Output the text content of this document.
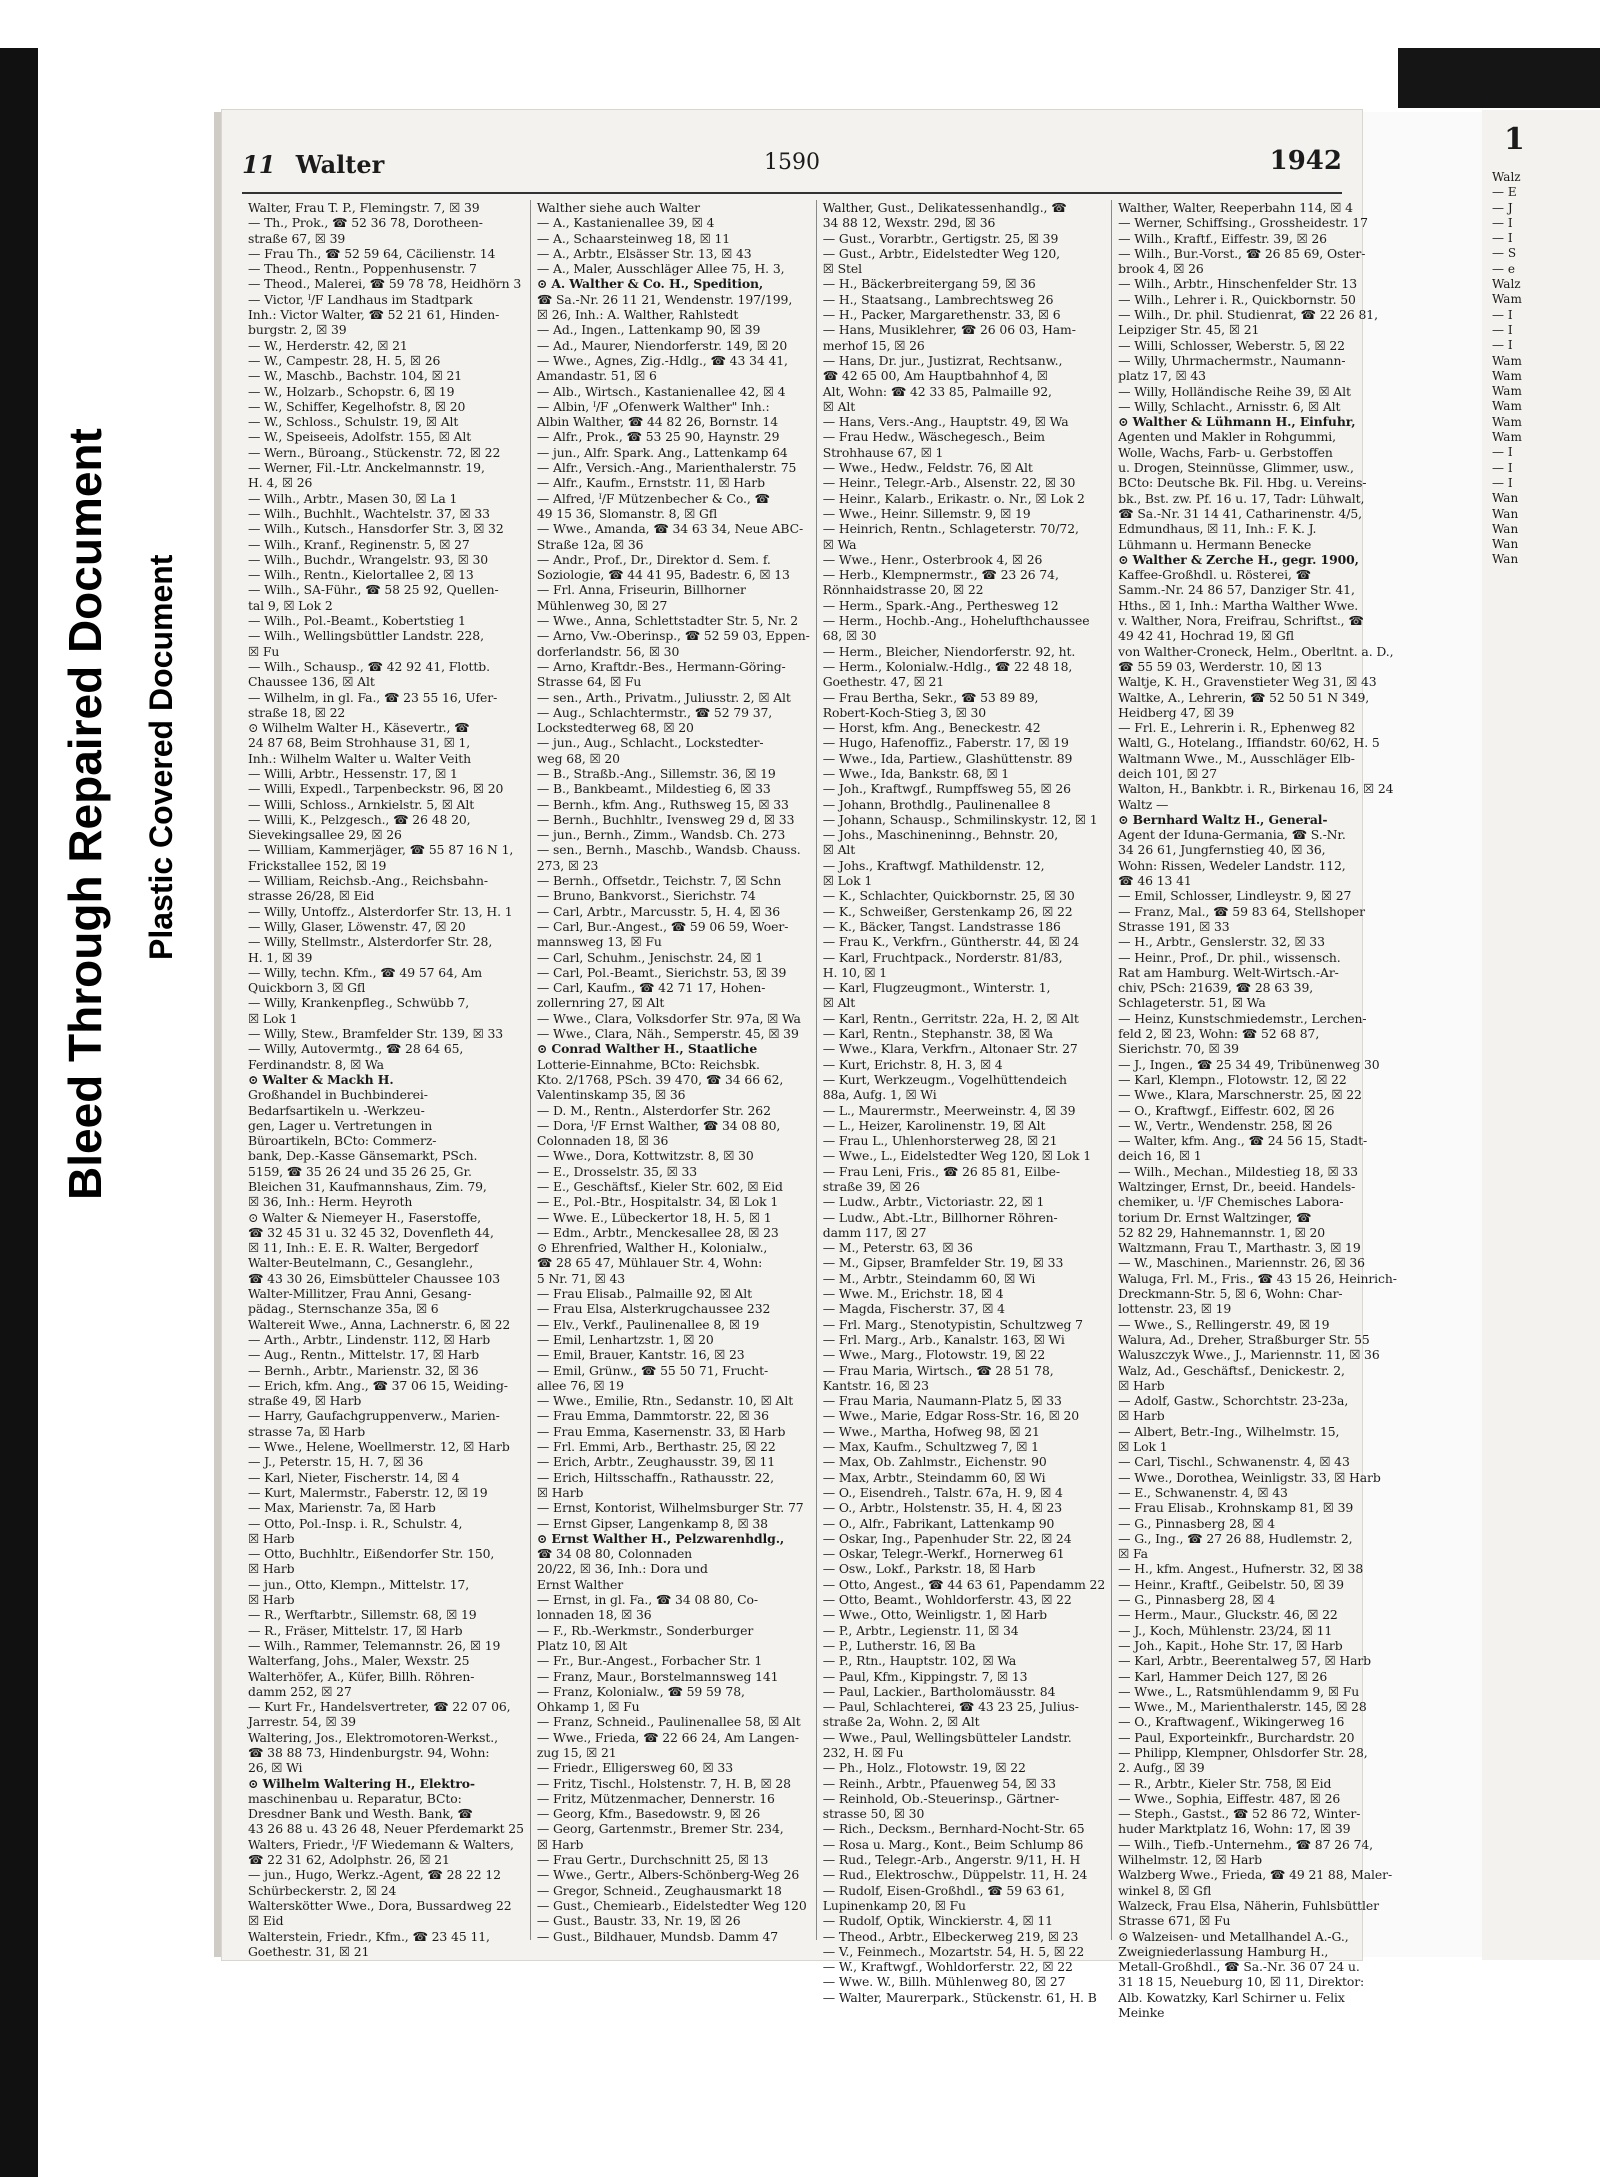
Bleed Through Repaired Document Plastic Covered Document
11 Walter	1590	1942
Walter, Frau T. P., Flemingstr. 7, ☒ 39
— Th., Prok., ☎ 52 36 78, Dorotheen-
straße 67, ☒ 39
— Frau Th., ☎ 52 59 64, Cäcilienstr. 14
— Theod., Rentn., Poppenhusenstr. 7
— Theod., Malerei, ☎ 59 78 78, Heidhörn 3
— Victor, ᴵ/F Landhaus im Stadtpark
Inh.: Victor Walter, ☎ 52 21 61, Hinden-
burgstr. 2, ☒ 39
— W., Herderstr. 42, ☒ 21
— W., Campestr. 28, H. 5, ☒ 26
— W., Maschb., Bachstr. 104, ☒ 21
— W., Holzarb., Schopstr. 6, ☒ 19
— W., Schiffer, Kegelhofstr. 8, ☒ 20
— W., Schloss., Schulstr. 19, ☒ Alt
— W., Speiseeis, Adolfstr. 155, ☒ Alt
— Wern., Büroang., Stückenstr. 72, ☒ 22
— Werner, Fil.-Ltr. Anckelmannstr. 19,
H. 4, ☒ 26
— Wilh., Arbtr., Masen 30, ☒ La 1
— Wilh., Buchhlt., Wachtelstr. 37, ☒ 33
— Wilh., Kutsch., Hansdorfer Str. 3, ☒ 32
— Wilh., Kranf., Reginenstr. 5, ☒ 27
— Wilh., Buchdr., Wrangelstr. 93, ☒ 30
— Wilh., Rentn., Kielortallee 2, ☒ 13
— Wilh., SA-Führ., ☎ 58 25 92, Quellen-
tal 9, ☒ Lok 2
— Wilh., Pol.-Beamt., Kobertstieg 1
— Wilh., Wellingsbüttler Landstr. 228,
☒ Fu
— Wilh., Schausp., ☎ 42 92 41, Flottb.
Chaussee 136, ☒ Alt
— Wilhelm, in gl. Fa., ☎ 23 55 16, Ufer-
straße 18, ☒ 22
⊙ Wilhelm Walter H., Käsevertr., ☎
24 87 68, Beim Strohhause 31, ☒ 1,
Inh.: Wilhelm Walter u. Walter Veith
— Willi, Arbtr., Hessenstr. 17, ☒ 1
— Willi, Expedl., Tarpenbeckstr. 96, ☒ 20
— Willi, Schloss., Arnkielstr. 5, ☒ Alt
— Willi, K., Pelzgesch., ☎ 26 48 20,
Sievekingsallee 29, ☒ 26
— William, Kammerjäger, ☎ 55 87 16 N 1,
Frickstallee 152, ☒ 19
— William, Reichsb.-Ang., Reichsbahn-
strasse 26/28, ☒ Eid
— Willy, Untoffz., Alsterdorfer Str. 13, H. 1
— Willy, Glaser, Löwenstr. 47, ☒ 20
— Willy, Stellmstr., Alsterdorfer Str. 28,
H. 1, ☒ 39
— Willy, techn. Kfm., ☎ 49 57 64, Am
Quickborn 3, ☒ Gfl
— Willy, Krankenpfleg., Schwübb 7,
☒ Lok 1
— Willy, Stew., Bramfelder Str. 139, ☒ 33
— Willy, Autovermtg., ☎ 28 64 65,
Ferdinandstr. 8, ☒ Wa
⊙ Walter & Mackh H.
Großhandel in Buchbinderei-
Bedarfsartikeln u. -Werkzeu-
gen, Lager u. Vertretungen in
Büroartikeln, BCto: Commerz-
bank, Dep.-Kasse Gänsemarkt, PSch.
5159, ☎ 35 26 24 und 35 26 25, Gr.
Bleichen 31, Kaufmannshaus, Zim. 79,
☒ 36, Inh.: Herm. Heyroth
⊙ Walter & Niemeyer H., Faserstoffe,
☎ 32 45 31 u. 32 45 32, Dovenfleth 44,
☒ 11, Inh.: E. E. R. Walter, Bergedorf
Walter-Beutelmann, C., Gesanglehr.,
☎ 43 30 26, Eimsbütteler Chaussee 103
Walter-Millitzer, Frau Anni, Gesang-
pädag., Sternschanze 35a, ☒ 6
Waltereit Wwe., Anna, Lachnerstr. 6, ☒ 22
— Arth., Arbtr., Lindenstr. 112, ☒ Harb
— Aug., Rentn., Mittelstr. 17, ☒ Harb
— Bernh., Arbtr., Marienstr. 32, ☒ 36
— Erich, kfm. Ang., ☎ 37 06 15, Weiding-
straße 49, ☒ Harb
— Harry, Gaufachgruppenverw., Marien-
strasse 7a, ☒ Harb
— Wwe., Helene, Woellmerstr. 12, ☒ Harb
— J., Peterstr. 15, H. 7, ☒ 36
— Karl, Nieter, Fischerstr. 14, ☒ 4
— Kurt, Malermstr., Faberstr. 12, ☒ 19
— Max, Marienstr. 7a, ☒ Harb
— Otto, Pol.-Insp. i. R., Schulstr. 4,
☒ Harb
— Otto, Buchhltr., Eißendorfer Str. 150,
☒ Harb
— jun., Otto, Klempn., Mittelstr. 17,
☒ Harb
— R., Werftarbtr., Sillemstr. 68, ☒ 19
— R., Fräser, Mittelstr. 17, ☒ Harb
— Wilh., Rammer, Telemannstr. 26, ☒ 19
Walterfang, Johs., Maler, Wexstr. 25
Walterhöfer, A., Küfer, Billh. Röhren-
damm 252, ☒ 27
— Kurt Fr., Handelsvertreter, ☎ 22 07 06,
Jarrestr. 54, ☒ 39
Waltering, Jos., Elektromotoren-Werkst.,
☎ 38 88 73, Hindenburgstr. 94, Wohn:
26, ☒ Wi
⊙ Wilhelm Waltering H., Elektro-
maschinenbau u. Reparatur, BCto:
Dresdner Bank und Westh. Bank, ☎
43 26 88 u. 43 26 48, Neuer Pferdemarkt 25
Walters, Friedr., ᴵ/F Wiedemann & Walters,
☎ 22 31 62, Adolphstr. 26, ☒ 21
— jun., Hugo, Werkz.-Agent, ☎ 28 22 12
Schürbeckerstr. 2, ☒ 24
Walterskötter Wwe., Dora, Bussardweg 22
☒ Eid
Walterstein, Friedr., Kfm., ☎ 23 45 11,
Goethestr. 31, ☒ 21
Walther siehe auch Walter
— A., Kastanienallee 39, ☒ 4
— A., Schaarsteinweg 18, ☒ 11
— A., Arbtr., Elsässer Str. 13, ☒ 43
— A., Maler, Ausschläger Allee 75, H. 3,
⊙ A. Walther & Co. H., Spedition,
☎ Sa.-Nr. 26 11 21, Wendenstr. 197/199,
☒ 26, Inh.: A. Walther, Rahlstedt
— Ad., Ingen., Lattenkamp 90, ☒ 39
— Ad., Maurer, Niendorferstr. 149, ☒ 20
— Wwe., Agnes, Zig.-Hdlg., ☎ 43 34 41,
Amandastr. 51, ☒ 6
— Alb., Wirtsch., Kastanienallee 42, ☒ 4
— Albin, ᴵ/F „Ofenwerk Walther" Inh.:
Albin Walther, ☎ 44 82 26, Bornstr. 14
— Alfr., Prok., ☎ 53 25 90, Haynstr. 29
— jun., Alfr. Spark. Ang., Lattenkamp 64
— Alfr., Versich.-Ang., Marienthalerstr. 75
— Alfr., Kaufm., Ernststr. 11, ☒ Harb
— Alfred, ᴵ/F Mützenbecher & Co., ☎
49 15 36, Slomanstr. 8, ☒ Gfl
— Wwe., Amanda, ☎ 34 63 34, Neue ABC-
Straße 12a, ☒ 36
— Andr., Prof., Dr., Direktor d. Sem. f.
Soziologie, ☎ 44 41 95, Badestr. 6, ☒ 13
— Frl. Anna, Friseurin, Billhorner
Mühlenweg 30, ☒ 27
— Wwe., Anna, Schlettstadter Str. 5, Nr. 2
— Arno, Vw.-Oberinsp., ☎ 52 59 03, Eppen-
dorferlandstr. 56, ☒ 30
— Arno, Kraftdr.-Bes., Hermann-Göring-
Strasse 64, ☒ Fu
— sen., Arth., Privatm., Juliusstr. 2, ☒ Alt
— Aug., Schlachtermstr., ☎ 52 79 37,
Lockstedterweg 68, ☒ 20
— jun., Aug., Schlacht., Lockstedter-
weg 68, ☒ 20
— B., Straßb.-Ang., Sillemstr. 36, ☒ 19
— B., Bankbeamt., Mildestieg 6, ☒ 33
— Bernh., kfm. Ang., Ruthsweg 15, ☒ 33
— Bernh., Buchhltr., Ivensweg 29 d, ☒ 33
— jun., Bernh., Zimm., Wandsb. Ch. 273
— sen., Bernh., Maschb., Wandsb. Chauss.
273, ☒ 23
— Bernh., Offsetdr., Teichstr. 7, ☒ Schn
— Bruno, Bankvorst., Sierichstr. 74
— Carl, Arbtr., Marcusstr. 5, H. 4, ☒ 36
— Carl, Bur.-Angest., ☎ 59 06 59, Woer-
mannsweg 13, ☒ Fu
— Carl, Schuhm., Jenischstr. 24, ☒ 1
— Carl, Pol.-Beamt., Sierichstr. 53, ☒ 39
— Carl, Kaufm., ☎ 42 71 17, Hohen-
zollernring 27, ☒ Alt
— Wwe., Clara, Volksdorfer Str. 97a, ☒ Wa
— Wwe., Clara, Näh., Semperstr. 45, ☒ 39
⊙ Conrad Walther H., Staatliche
Lotterie-Einnahme, BCto: Reichsbk.
Kto. 2/1768, PSch. 39 470, ☎ 34 66 62,
Valentinskamp 35, ☒ 36
— D. M., Rentn., Alsterdorfer Str. 262
— Dora, ᴵ/F Ernst Walther, ☎ 34 08 80,
Colonnaden 18, ☒ 36
— Wwe., Dora, Kottwitzstr. 8, ☒ 30
— E., Drosselstr. 35, ☒ 33
— E., Geschäftsf., Kieler Str. 602, ☒ Eid
— E., Pol.-Btr., Hospitalstr. 34, ☒ Lok 1
— Wwe. E., Lübeckertor 18, H. 5, ☒ 1
— Edm., Arbtr., Menckesallee 28, ☒ 23
⊙ Ehrenfried, Walther H., Kolonialw.,
☎ 28 65 47, Mühlauer Str. 4, Wohn:
5 Nr. 71, ☒ 43
— Frau Elisab., Palmaille 92, ☒ Alt
— Frau Elsa, Alsterkrugchaussee 232
— Elv., Verkf., Paulinenallee 8, ☒ 19
— Emil, Lenhartzstr. 1, ☒ 20
— Emil, Brauer, Kantstr. 16, ☒ 23
— Emil, Grünw., ☎ 55 50 71, Frucht-
allee 76, ☒ 19
— Wwe., Emilie, Rtn., Sedanstr. 10, ☒ Alt
— Frau Emma, Dammtorstr. 22, ☒ 36
— Frau Emma, Kasernenstr. 33, ☒ Harb
— Frl. Emmi, Arb., Berthastr. 25, ☒ 22
— Erich, Arbtr., Zeughausstr. 39, ☒ 11
— Erich, Hiltsschaffn., Rathausstr. 22,
☒ Harb
— Ernst, Kontorist, Wilhelmsburger Str. 77
— Ernst Gipser, Langenkamp 8, ☒ 38
⊙ Ernst Walther H., Pelzwarenhdlg.,
☎ 34 08 80, Colonnaden
20/22, ☒ 36, Inh.: Dora und
Ernst Walther
— Ernst, in gl. Fa., ☎ 34 08 80, Co-
lonnaden 18, ☒ 36
— F., Rb.-Werkmstr., Sonderburger
Platz 10, ☒ Alt
— Fr., Bur.-Angest., Forbacher Str. 1
— Franz, Maur., Borstelmannsweg 141
— Franz, Kolonialw., ☎ 59 59 78,
Ohkamp 1, ☒ Fu
— Franz, Schneid., Paulinenallee 58, ☒ Alt
— Wwe., Frieda, ☎ 22 66 24, Am Langen-
zug 15, ☒ 21
— Friedr., Elligersweg 60, ☒ 33
— Fritz, Tischl., Holstenstr. 7, H. B, ☒ 28
— Fritz, Mützenmacher, Dennerstr. 16
— Georg, Kfm., Basedowstr. 9, ☒ 26
— Georg, Gartenmstr., Bremer Str. 234,
☒ Harb
— Frau Gertr., Durchschnitt 25, ☒ 13
— Wwe., Gertr., Albers-Schönberg-Weg 26
— Gregor, Schneid., Zeughausmarkt 18
— Gust., Chemiearb., Eidelstedter Weg 120
— Gust., Baustr. 33, Nr. 19, ☒ 26
— Gust., Bildhauer, Mundsb. Damm 47
Walther, Gust., Delikatessenhandlg., ☎
34 88 12, Wexstr. 29d, ☒ 36
— Gust., Vorarbtr., Gertigstr. 25, ☒ 39
— Gust., Arbtr., Eidelstedter Weg 120,
☒ Stel
— H., Bäckerbreitergang 59, ☒ 36
— H., Staatsang., Lambrechtsweg 26
— H., Packer, Margarethenstr. 33, ☒ 6
— Hans, Musiklehrer, ☎ 26 06 03, Ham-
merhof 15, ☒ 26
— Hans, Dr. jur., Justizrat, Rechtsanw.,
☎ 42 65 00, Am Hauptbahnhof 4, ☒
Alt, Wohn: ☎ 42 33 85, Palmaille 92,
☒ Alt
— Hans, Vers.-Ang., Hauptstr. 49, ☒ Wa
— Frau Hedw., Wäschegesch., Beim
Strohhause 67, ☒ 1
— Wwe., Hedw., Feldstr. 76, ☒ Alt
— Heinr., Telegr.-Arb., Alsenstr. 22, ☒ 30
— Heinr., Kalarb., Erikastr. o. Nr., ☒ Lok 2
— Wwe., Heinr. Sillemstr. 9, ☒ 19
— Heinrich, Rentn., Schlageterstr. 70/72,
☒ Wa
— Wwe., Henr., Osterbrook 4, ☒ 26
— Herb., Klempnermstr., ☎ 23 26 74,
Rönnhaidstrasse 20, ☒ 22
— Herm., Spark.-Ang., Perthesweg 12
— Herm., Hochb.-Ang., Hohelufthchaussee
68, ☒ 30
— Herm., Bleicher, Niendorferstr. 92, ht.
— Herm., Kolonialw.-Hdlg., ☎ 22 48 18,
Goethestr. 47, ☒ 21
— Frau Bertha, Sekr., ☎ 53 89 89,
Robert-Koch-Stieg 3, ☒ 30
— Horst, kfm. Ang., Beneckestr. 42
— Hugo, Hafenoffiz., Faberstr. 17, ☒ 19
— Wwe., Ida, Partiew., Glashüttenstr. 89
— Wwe., Ida, Bankstr. 68, ☒ 1
— Joh., Kraftwgf., Rumpffsweg 55, ☒ 26
— Johann, Brothdlg., Paulinenallee 8
— Johann, Schausp., Schmilinskystr. 12, ☒ 1
— Johs., Maschineninng., Behnstr. 20,
☒ Alt
— Johs., Kraftwgf. Mathildenstr. 12,
☒ Lok 1
— K., Schlachter, Quickbornstr. 25, ☒ 30
— K., Schweißer, Gerstenkamp 26, ☒ 22
— K., Bäcker, Tangst. Landstrasse 186
— Frau K., Verkfrn., Güntherstr. 44, ☒ 24
— Karl, Fruchtpack., Norderstr. 81/83,
H. 10, ☒ 1
— Karl, Flugzeugmont., Winterstr. 1,
☒ Alt
— Karl, Rentn., Gerritstr. 22a, H. 2, ☒ Alt
— Karl, Rentn., Stephanstr. 38, ☒ Wa
— Wwe., Klara, Verkfrn., Altonaer Str. 27
— Kurt, Erichstr. 8, H. 3, ☒ 4
— Kurt, Werkzeugm., Vogelhüttendeich
88a, Aufg. 1, ☒ Wi
— L., Maurermstr., Meerweinstr. 4, ☒ 39
— L., Heizer, Karolinenstr. 19, ☒ Alt
— Frau L., Uhlenhorsterweg 28, ☒ 21
— Wwe., L., Eidelstedter Weg 120, ☒ Lok 1
— Frau Leni, Fris., ☎ 26 85 81, Eilbe-
straße 39, ☒ 26
— Ludw., Arbtr., Victoriastr. 22, ☒ 1
— Ludw., Abt.-Ltr., Billhorner Röhren-
damm 117, ☒ 27
— M., Peterstr. 63, ☒ 36
— M., Gipser, Bramfelder Str. 19, ☒ 33
— M., Arbtr., Steindamm 60, ☒ Wi
— Wwe. M., Erichstr. 18, ☒ 4
— Magda, Fischerstr. 37, ☒ 4
— Frl. Marg., Stenotypistin, Schultzweg 7
— Frl. Marg., Arb., Kanalstr. 163, ☒ Wi
— Wwe., Marg., Flotowstr. 19, ☒ 22
— Frau Maria, Wirtsch., ☎ 28 51 78,
Kantstr. 16, ☒ 23
— Frau Maria, Naumann-Platz 5, ☒ 33
— Wwe., Marie, Edgar Ross-Str. 16, ☒ 20
— Wwe., Martha, Hofweg 98, ☒ 21
— Max, Kaufm., Schultzweg 7, ☒ 1
— Max, Ob. Zahlmstr., Eichenstr. 90
— Max, Arbtr., Steindamm 60, ☒ Wi
— O., Eisendreh., Talstr. 67a, H. 9, ☒ 4
— O., Arbtr., Holstenstr. 35, H. 4, ☒ 23
— O., Alfr., Fabrikant, Lattenkamp 90
— Oskar, Ing., Papenhuder Str. 22, ☒ 24
— Oskar, Telegr.-Werkf., Hornerweg 61
— Osw., Lokf., Parkstr. 18, ☒ Harb
— Otto, Angest., ☎ 44 63 61, Papendamm 22
— Otto, Beamt., Wohldorferstr. 43, ☒ 22
— Wwe., Otto, Weinligstr. 1, ☒ Harb
— P., Arbtr., Legienstr. 11, ☒ 34
— P., Lutherstr. 16, ☒ Ba
— P., Rtn., Hauptstr. 102, ☒ Wa
— Paul, Kfm., Kippingstr. 7, ☒ 13
— Paul, Lackier., Bartholomäusstr. 84
— Paul, Schlachterei, ☎ 43 23 25, Julius-
straße 2a, Wohn. 2, ☒ Alt
— Wwe., Paul, Wellingsbütteler Landstr.
232, H. ☒ Fu
— Ph., Holz., Flotowstr. 19, ☒ 22
— Reinh., Arbtr., Pfauenweg 54, ☒ 33
— Reinhold, Ob.-Steuerinsp., Gärtner-
strasse 50, ☒ 30
— Rich., Decksm., Bernhard-Nocht-Str. 65
— Rosa u. Marg., Kont., Beim Schlump 86
— Rud., Telegr.-Arb., Angerstr. 9/11, H. H
— Rud., Elektroschw., Düppelstr. 11, H. 24
— Rudolf, Eisen-Großhdl., ☎ 59 63 61,
Lupinenkamp 20, ☒ Fu
— Rudolf, Optik, Winckierstr. 4, ☒ 11
— Theod., Arbtr., Elbeckerweg 219, ☒ 23
— V., Feinmech., Mozartstr. 54, H. 5, ☒ 22
— W., Kraftwgf., Wohldorferstr. 22, ☒ 22
— Wwe. W., Billh. Mühlenweg 80, ☒ 27
— Walter, Maurerpark., Stückenstr. 61, H. B
Walther, Walter, Reeperbahn 114, ☒ 4
— Werner, Schiffsing., Grossheidestr. 17
— Wilh., Kraftf., Eiffestr. 39, ☒ 26
— Wilh., Bur.-Vorst., ☎ 26 85 69, Oster-
brook 4, ☒ 26
— Wilh., Arbtr., Hinschenfelder Str. 13
— Wilh., Lehrer i. R., Quickbornstr. 50
— Wilh., Dr. phil. Studienrat, ☎ 22 26 81,
Leipziger Str. 45, ☒ 21
— Willi, Schlosser, Weberstr. 5, ☒ 22
— Willy, Uhrmachermstr., Naumann-
platz 17, ☒ 43
— Willy, Holländische Reihe 39, ☒ Alt
— Willy, Schlacht., Arnisstr. 6, ☒ Alt
⊙ Walther & Lühmann H., Einfuhr,
Agenten und Makler in Rohgummi,
Wolle, Wachs, Farb- u. Gerbstoffen
u. Drogen, Steinnüsse, Glimmer, usw.,
BCto: Deutsche Bk. Fil. Hbg. u. Vereins-
bk., Bst. zw. Pf. 16 u. 17, Tadr: Lühwalt,
☎ Sa.-Nr. 31 14 41, Catharinenstr. 4/5,
Edmundhaus, ☒ 11, Inh.: F. K. J.
Lühmann u. Hermann Benecke
⊙ Walther & Zerche H., gegr. 1900,
Kaffee-Großhdl. u. Rösterei, ☎
Samm.-Nr. 24 86 57, Danziger Str. 41,
Hths., ☒ 1, Inh.: Martha Walther Wwe.
v. Walther, Nora, Freifrau, Schriftst., ☎
49 42 41, Hochrad 19, ☒ Gfl
von Walther-Croneck, Helm., Oberltnt. a. D.,
☎ 55 59 03, Werderstr. 10, ☒ 13
Waltje, K. H., Gravenstieter Weg 31, ☒ 43
Waltke, A., Lehrerin, ☎ 52 50 51 N 349,
Heidberg 47, ☒ 39
— Frl. E., Lehrerin i. R., Ephenweg 82
Waltl, G., Hotelang., Iffiandstr. 60/62, H. 5
Waltmann Wwe., M., Ausschläger Elb-
deich 101, ☒ 27
Walton, H., Bankbtr. i. R., Birkenau 16, ☒ 24
Waltz —
⊙ Bernhard Waltz H., General-
Agent der Iduna-Germania, ☎ S.-Nr.
34 26 61, Jungfernstieg 40, ☒ 36,
Wohn: Rissen, Wedeler Landstr. 112,
☎ 46 13 41
— Emil, Schlosser, Lindleystr. 9, ☒ 27
— Franz, Mal., ☎ 59 83 64, Stellshoper
Strasse 191, ☒ 33
— H., Arbtr., Genslerstr. 32, ☒ 33
— Heinr., Prof., Dr. phil., wissensch.
Rat am Hamburg. Welt-Wirtsch.-Ar-
chiv, PSch: 21639, ☎ 28 63 39,
Schlageterstr. 51, ☒ Wa
— Heinz, Kunstschmiedemstr., Lerchen-
feld 2, ☒ 23, Wohn: ☎ 52 68 87,
Sierichstr. 70, ☒ 39
— J., Ingen., ☎ 25 34 49, Tribünenweg 30
— Karl, Klempn., Flotowstr. 12, ☒ 22
— Wwe., Klara, Marschnerstr. 25, ☒ 22
— O., Kraftwgf., Eiffestr. 602, ☒ 26
— W., Vertr., Wendenstr. 258, ☒ 26
— Walter, kfm. Ang., ☎ 24 56 15, Stadt-
deich 16, ☒ 1
— Wilh., Mechan., Mildestieg 18, ☒ 33
Waltzinger, Ernst, Dr., beeid. Handels-
chemiker, u. ᴵ/F Chemisches Labora-
torium Dr. Ernst Waltzinger, ☎
52 82 29, Hahnemannstr. 1, ☒ 20
Waltzmann, Frau T., Marthastr. 3, ☒ 19
— W., Maschinen., Mariennstr. 26, ☒ 36
Waluga, Frl. M., Fris., ☎ 43 15 26, Heinrich-
Dreckmann-Str. 5, ☒ 6, Wohn: Char-
lottenstr. 23, ☒ 19
— Wwe., S., Rellingerstr. 49, ☒ 19
Walura, Ad., Dreher, Straßburger Str. 55
Waluszczyk Wwe., J., Mariennstr. 11, ☒ 36
Walz, Ad., Geschäftsf., Denickestr. 2,
☒ Harb
— Adolf, Gastw., Schorchtstr. 23-23a,
☒ Harb
— Albert, Betr.-Ing., Wilhelmstr. 15,
☒ Lok 1
— Carl, Tischl., Schwanenstr. 4, ☒ 43
— Wwe., Dorothea, Weinligstr. 33, ☒ Harb
— E., Schwanenstr. 4, ☒ 43
— Frau Elisab., Krohnskamp 81, ☒ 39
— G., Pinnasberg 28, ☒ 4
— G., Ing., ☎ 27 26 88, Hudlemstr. 2,
☒ Fa
— H., kfm. Angest., Hufnerstr. 32, ☒ 38
— Heinr., Kraftf., Geibelstr. 50, ☒ 39
— G., Pinnasberg 28, ☒ 4
— Herm., Maur., Gluckstr. 46, ☒ 22
— J., Koch, Mühlenstr. 23/24, ☒ 11
— Joh., Kapit., Hohe Str. 17, ☒ Harb
— Karl, Arbtr., Beerentalweg 57, ☒ Harb
— Karl, Hammer Deich 127, ☒ 26
— Wwe., L., Ratsmühlendamm 9, ☒ Fu
— Wwe., M., Marienthalerstr. 145, ☒ 28
— O., Kraftwagenf., Wikingerweg 16
— Paul, Exporteinkfr., Burchardstr. 20
— Philipp, Klempner, Ohlsdorfer Str. 28,
2. Aufg., ☒ 39
— R., Arbtr., Kieler Str. 758, ☒ Eid
— Wwe., Sophia, Eiffestr. 487, ☒ 26
— Steph., Gastst., ☎ 52 86 72, Winter-
huder Marktplatz 16, Wohn: 17, ☒ 39
— Wilh., Tiefb.-Unternehm., ☎ 87 26 74,
Wilhelmstr. 12, ☒ Harb
Walzberg Wwe., Frieda, ☎ 49 21 88, Maler-
winkel 8, ☒ Gfl
Walzeck, Frau Elsa, Näherin, Fuhlsbüttler
Strasse 671, ☒ Fu
⊙ Walzeisen- und Metallhandel A.-G.,
Zweigniederlassung Hamburg H.,
Metall-Großhdl., ☎ Sa.-Nr. 36 07 24 u.
31 18 15, Neueburg 10, ☒ 11, Direktor:
Alb. Kowatzky, Karl Schirner u. Felix
Meinke
1
Walz
— E
— J
— I
— I
— S
— e
Walz
Wam
— I
— I
— I
Wam
Wam
Wam
Wam
Wam
Wam
— I
— I
— I
Wan
Wan
Wan
Wan
Wan
